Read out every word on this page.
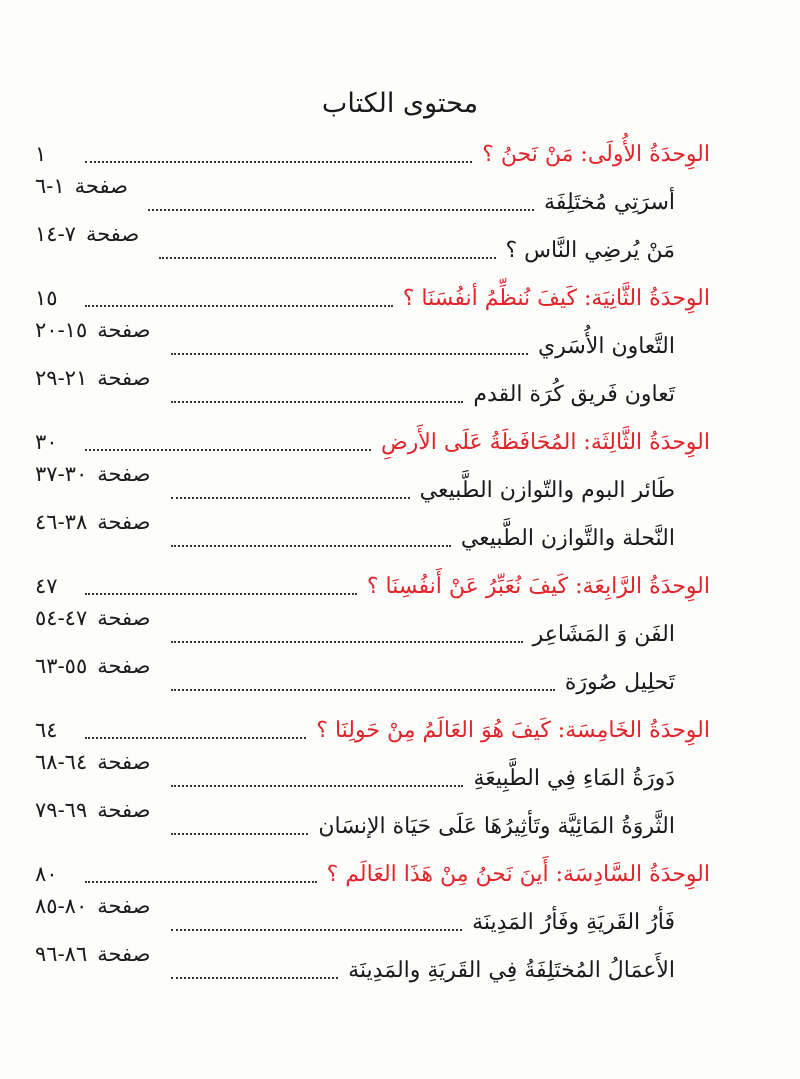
محتوى الكتاب
الوِحدَةُ الأُولَى: مَنْ نَحنُ ؟
١
أسرَتِي مُختَلِفَة
صفحة١-٦
مَنْ يُرضِي النَّاس ؟
صفحة٧-١٤
الوِحدَةُ الثَّانِيَة: كَيفَ نُنظِّمُ أنفُسَنَا ؟
١٥
التَّعاون الأُسَري
صفحة١٥-٢٠
تَعاون فَريق كُرَة القدم
صفحة٢١-٢٩
الوِحدَةُ الثَّالِثَة: المُحَافَظَةُ عَلَى الأَرضِ
٣٠
طَائر البوم والتّوازن الطَّبيعي
صفحة٣٠-٣٧
النَّحلة والتَّوازن الطَّبيعي
صفحة٣٨-٤٦
الوِحدَةُ الرَّابِعَة: كَيفَ نُعَبِّرُ عَنْ أَنفُسِنَا ؟
٤٧
الفَن وَ المَشَاعِر
صفحة٤٧-٥٤
تَحلِيل صُورَة
صفحة٥٥-٦٣
الوِحدَةُ الخَامِسَة: كَيفَ هُوَ العَالَمُ مِنْ حَولِنَا ؟
٦٤
دَورَةُ المَاءِ فِي الطَّبِيعَةِ
صفحة٦٤-٦٨
الثَّروَةُ المَائِيَّة وتَأثِيرُهَا عَلَى حَيَاة الإنسَان
صفحة٦٩-٧٩
الوِحدَةُ السَّادِسَة: أَينَ نَحنُ مِنْ هَذَا العَالَم ؟
٨٠
فَأرُ القَريَةِ وفَأرُ المَدِينَة
صفحة٨٠-٨٥
الأَعمَالُ المُختَلِفَةُ فِي القَريَةِ والمَدِينَة
صفحة٨٦-٩٦
